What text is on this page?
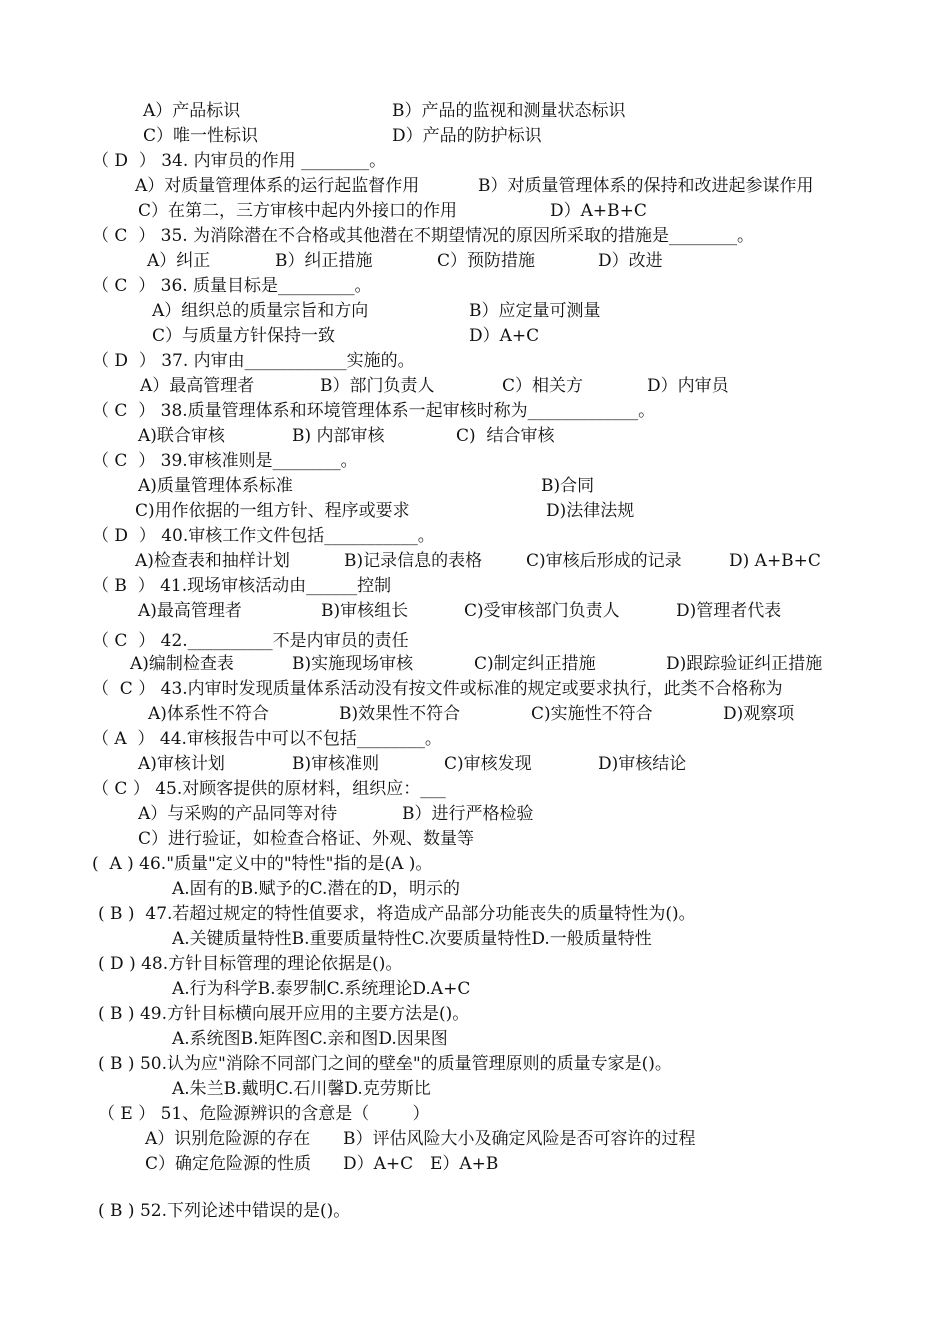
A）产品标识	B）产品的监视和测量状态标识
C）唯一性标识	D）产品的防护标识
（ D  ） 34. 内审员的作用 ________。
A）对质量管理体系的运行起监督作用	B）对质量管理体系的保持和改进起参谋作用
C）在第二，三方审核中起内外接口的作用	D）A+B+C
（ C  ） 35. 为消除潜在不合格或其他潜在不期望情况的原因所采取的措施是________。
A）纠正	B）纠正措施	C）预防措施	D）改进
（ C  ） 36. 质量目标是_________。
A）组织总的质量宗旨和方向	B）应定量可测量
C）与质量方针保持一致	D）A+C
（ D  ） 37. 内审由____________实施的。
A）最高管理者	B）部门负责人	C）相关方	D）内审员
（ C  ） 38.质量管理体系和环境管理体系一起审核时称为_____________。
A)联合审核	B) 内部审核	C)  结合审核
（ C  ） 39.审核准则是________。
A)质量管理体系标准	B)合同
C)用作依据的一组方针、程序或要求	D)法律法规
（ D  ） 40.审核工作文件包括___________。
A)检查表和抽样计划	B)记录信息的表格	C)审核后形成的记录	D) A+B+C
（ B  ） 41.现场审核活动由______控制
A)最高管理者	B)审核组长	C)受审核部门负责人	D)管理者代表
（ C  ） 42.__________不是内审员的责任
A)编制检查表	B)实施现场审核	C)制定纠正措施	D)跟踪验证纠正措施
（  C ） 43.内审时发现质量体系活动没有按文件或标准的规定或要求执行，此类不合格称为
A)体系性不符合	B)效果性不符合	C)实施性不符合	D)观察项
（ A  ） 44.审核报告中可以不包括________。
A)审核计划	B)审核准则	C)审核发现	D)审核结论
（ C ） 45.对顾客提供的原材料，组织应：___
A）与采购的产品同等对待	B）进行严格检验
C）进行验证，如检查合格证、外观、数量等
(  A ) 46."质量"定义中的"特性"指的是(A )。
A.固有的B.赋予的C.潜在的D，明示的
( B )  47.若超过规定的特性值要求，将造成产品部分功能丧失的质量特性为()。
A.关键质量特性B.重要质量特性C.次要质量特性D.一般质量特性
( D ) 48.方针目标管理的理论依据是()。
A.行为科学B.泰罗制C.系统理论D.A+C
( B ) 49.方针目标横向展开应用的主要方法是()。
A.系统图B.矩阵图C.亲和图D.因果图
( B ) 50.认为应"消除不同部门之间的壁垒"的质量管理原则的质量专家是()。
A.朱兰B.戴明C.石川馨D.克劳斯比
（ E ） 51、危险源辨识的含意是（        ）
A）识别危险源的存在 B）评估风险大小及确定风险是否可容许的过程
C）确定危险源的性质 D）A+C E）A+B
( B ) 52.下列论述中错误的是()。
